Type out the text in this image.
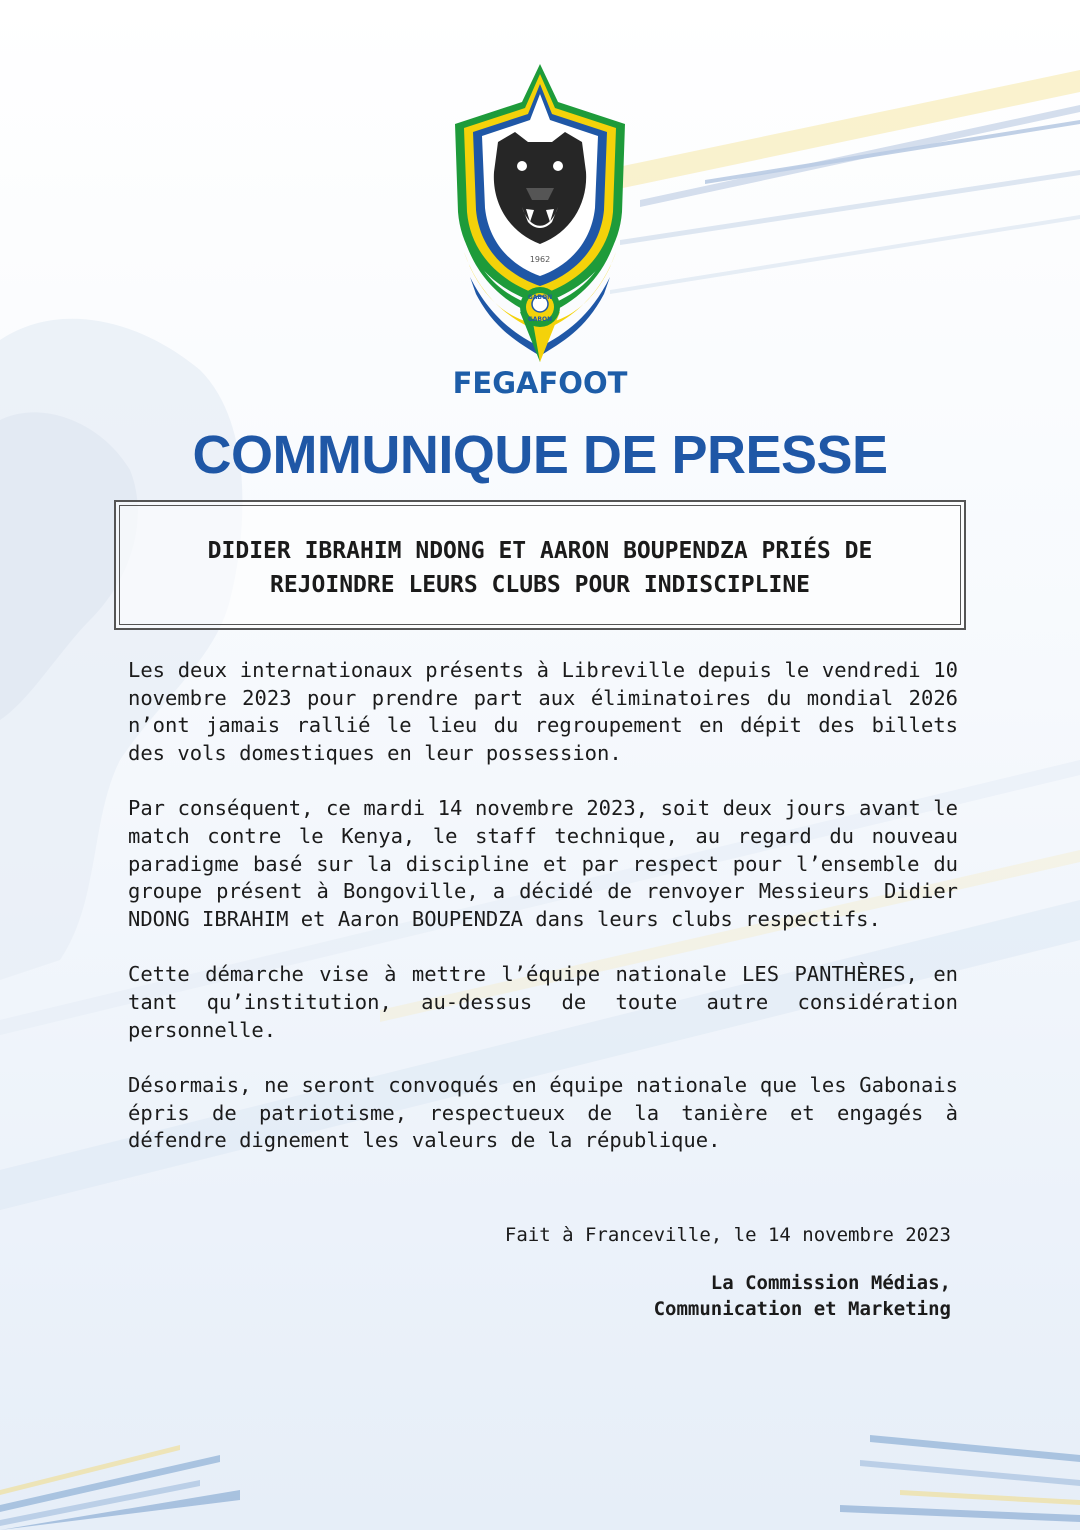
1962
GABON
GABON
FEGAFOOT
COMMUNIQUE DE PRESSE
DIDIER IBRAHIM NDONG ET AARON BOUPENDZA PRIÉS DE
REJOINDRE LEURS CLUBS POUR INDISCIPLINE

Les deux internationaux présents à Libreville depuis le vendredi 10 novembre 2023 pour prendre part aux éliminatoires du mondial 2026 n’ont jamais rallié le lieu du regroupement en dépit des billets des vols domestiques en leur possession.

Par conséquent, ce mardi 14 novembre 2023, soit deux jours avant le match contre le Kenya, le staff technique, au regard du nouveau paradigme basé sur la discipline et par respect pour l’ensemble du groupe présent à Bongoville, a décidé de renvoyer Messieurs Didier NDONG IBRAHIM et Aaron BOUPENDZA dans leurs clubs respectifs.

Cette démarche vise à mettre l’équipe nationale LES PANTHÈRES, en tant qu’institution, au-dessus de toute autre considération personnelle.

Désormais, ne seront convoqués en équipe nationale que les Gabonais épris de patriotisme, respectueux de la tanière et engagés à défendre dignement les valeurs de la république.

Fait à Franceville, le 14 novembre 2023
La Commission Médias,
Communication et Marketing
